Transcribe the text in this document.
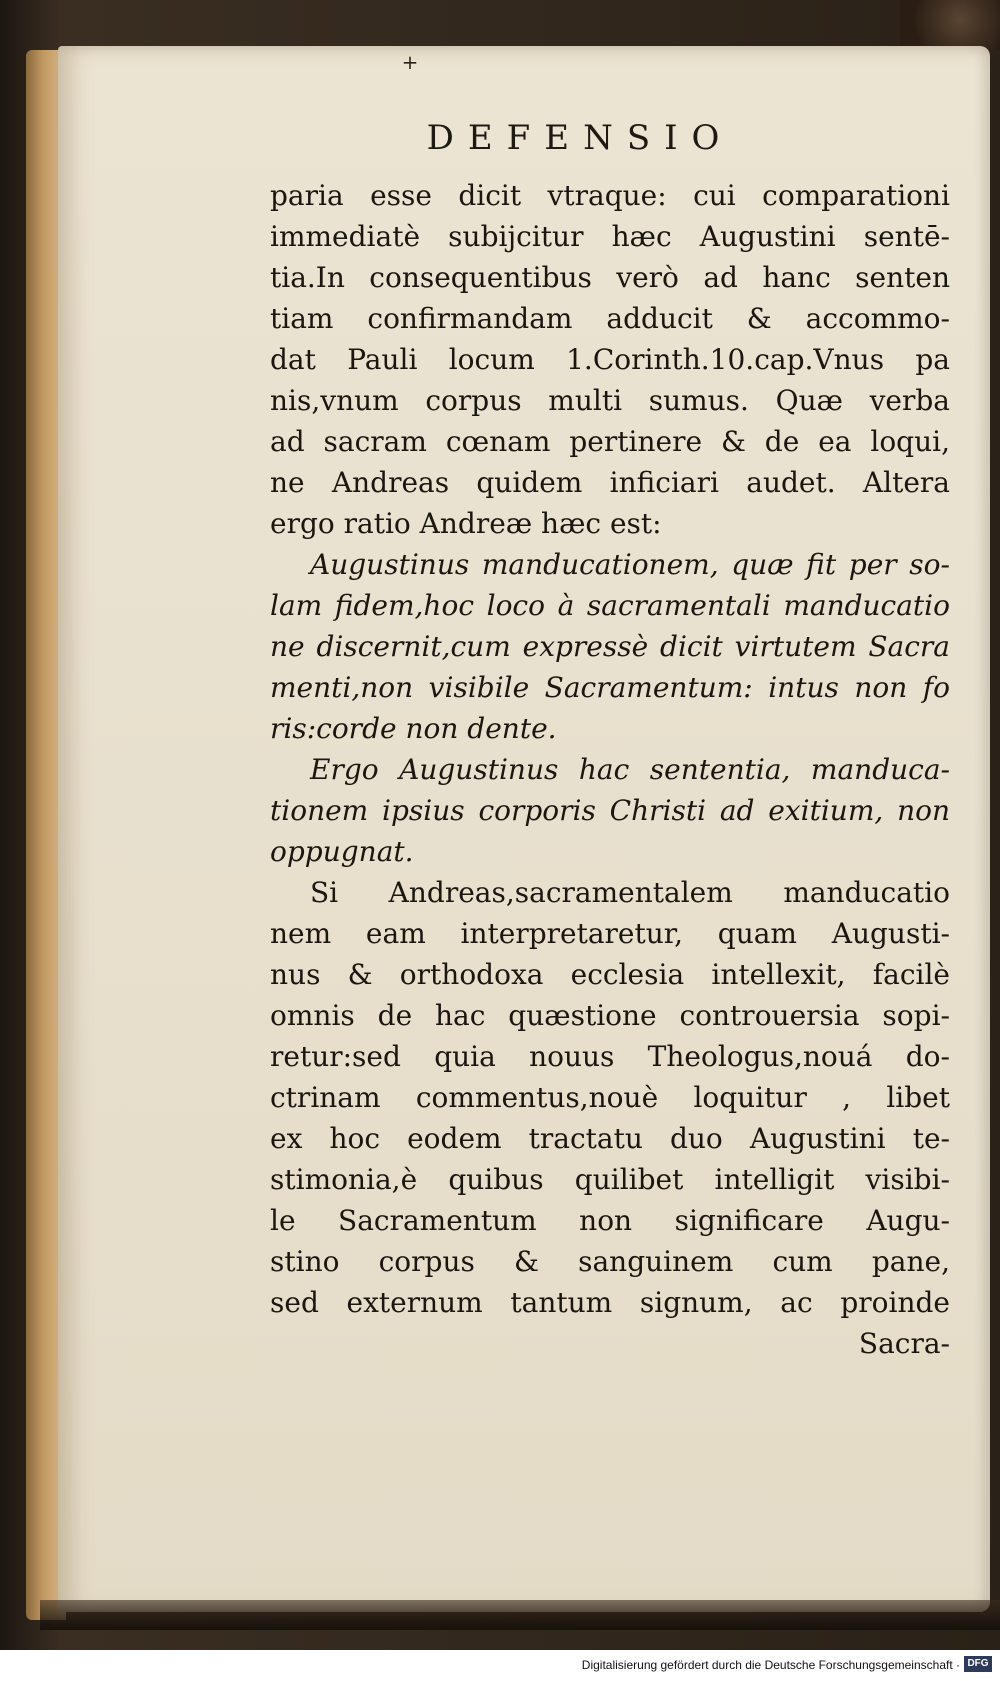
+
DEFENSIO
paria esse dicit vtraque: cui comparationi
immediatè subijcitur hæc Augustini sentē-
tia.In consequentibus verò ad hanc senten
tiam confirmandam adducit & accommo-
dat Pauli locum 1.Corinth.10.cap.Vnus pa
nis,vnum corpus multi sumus. Quæ verba
ad sacram cœnam pertinere & de ea loqui,
ne Andreas quidem inficiari audet. Altera
ergo ratio Andreæ hæc est:
Augustinus manducationem, quæ fit per so-
lam fidem,hoc loco à sacramentali manducatio
ne discernit,cum expressè dicit virtutem Sacra
menti,non visibile Sacramentum: intus non fo
ris:corde non dente.
Ergo Augustinus hac sententia, manduca-
tionem ipsius corporis Christi ad exitium, non
oppugnat.
Si Andreas,sacramentalem manducatio
nem eam interpretaretur, quam Augusti-
nus & orthodoxa ecclesia intellexit, facilè
omnis de hac quæstione controuersia sopi-
retur:sed quia nouus Theologus,nouá do-
ctrinam commentus,nouè loquitur , libet
ex hoc eodem tractatu duo Augustini te-
stimonia,è quibus quilibet intelligit visibi-
le Sacramentum non significare Augu-
stino corpus & sanguinem cum pane,
sed externum tantum signum, ac proinde
Sacra-
Digitalisierung gefördert durch die Deutsche Forschungsgemeinschaft · DFG
